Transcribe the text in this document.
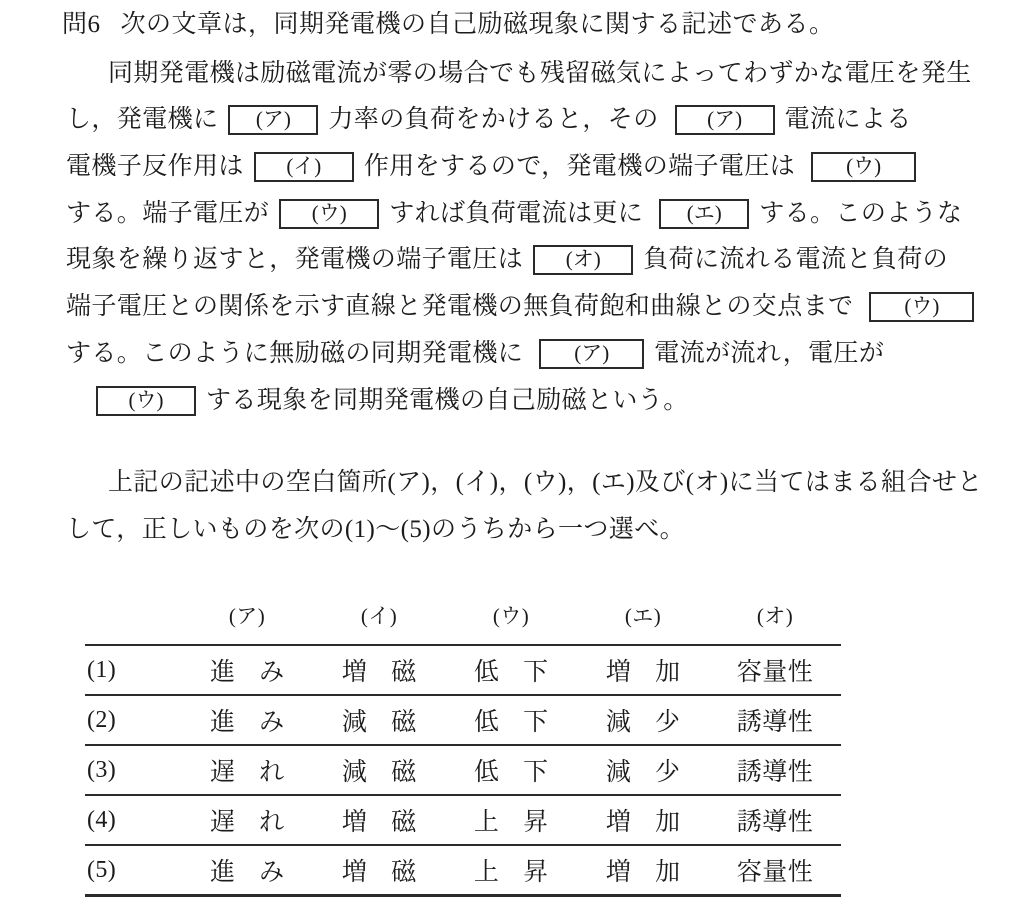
問6 次の文章は，同期発電機の自己励磁現象に関する記述である。
同期発電機は励磁電流が零の場合でも残留磁気によってわずかな電圧を発生
し，発電機に	(ア)	力率の負荷をかけると，その	(ア)	電流による
電機子反作用は	(イ)	作用をするので，発電機の端子電圧は	(ウ)
する。端子電圧が	(ウ)	すれば負荷電流は更に	(エ)	する。このような
現象を繰り返すと，発電機の端子電圧は	(オ)	負荷に流れる電流と負荷の
端子電圧との関係を示す直線と発電機の無負荷飽和曲線との交点まで	(ウ)
する。このように無励磁の同期発電機に	(ア)	電流が流れ，電圧が
(ウ)	する現象を同期発電機の自己励磁という。
上記の記述中の空白箇所(ア)，(イ)，(ウ)，(エ)及び(オ)に当てはまる組合せと
して，正しいものを次の(1)〜(5)のうちから一つ選べ。
	(ア)	(イ)	(ウ)	(エ)	(オ)
(1)	進 み	増 磁	低 下	増 加	容量性
(2)	進 み	減 磁	低 下	減 少	誘導性
(3)	遅 れ	減 磁	低 下	減 少	誘導性
(4)	遅 れ	増 磁	上 昇	増 加	誘導性
(5)	進 み	増 磁	上 昇	増 加	容量性
